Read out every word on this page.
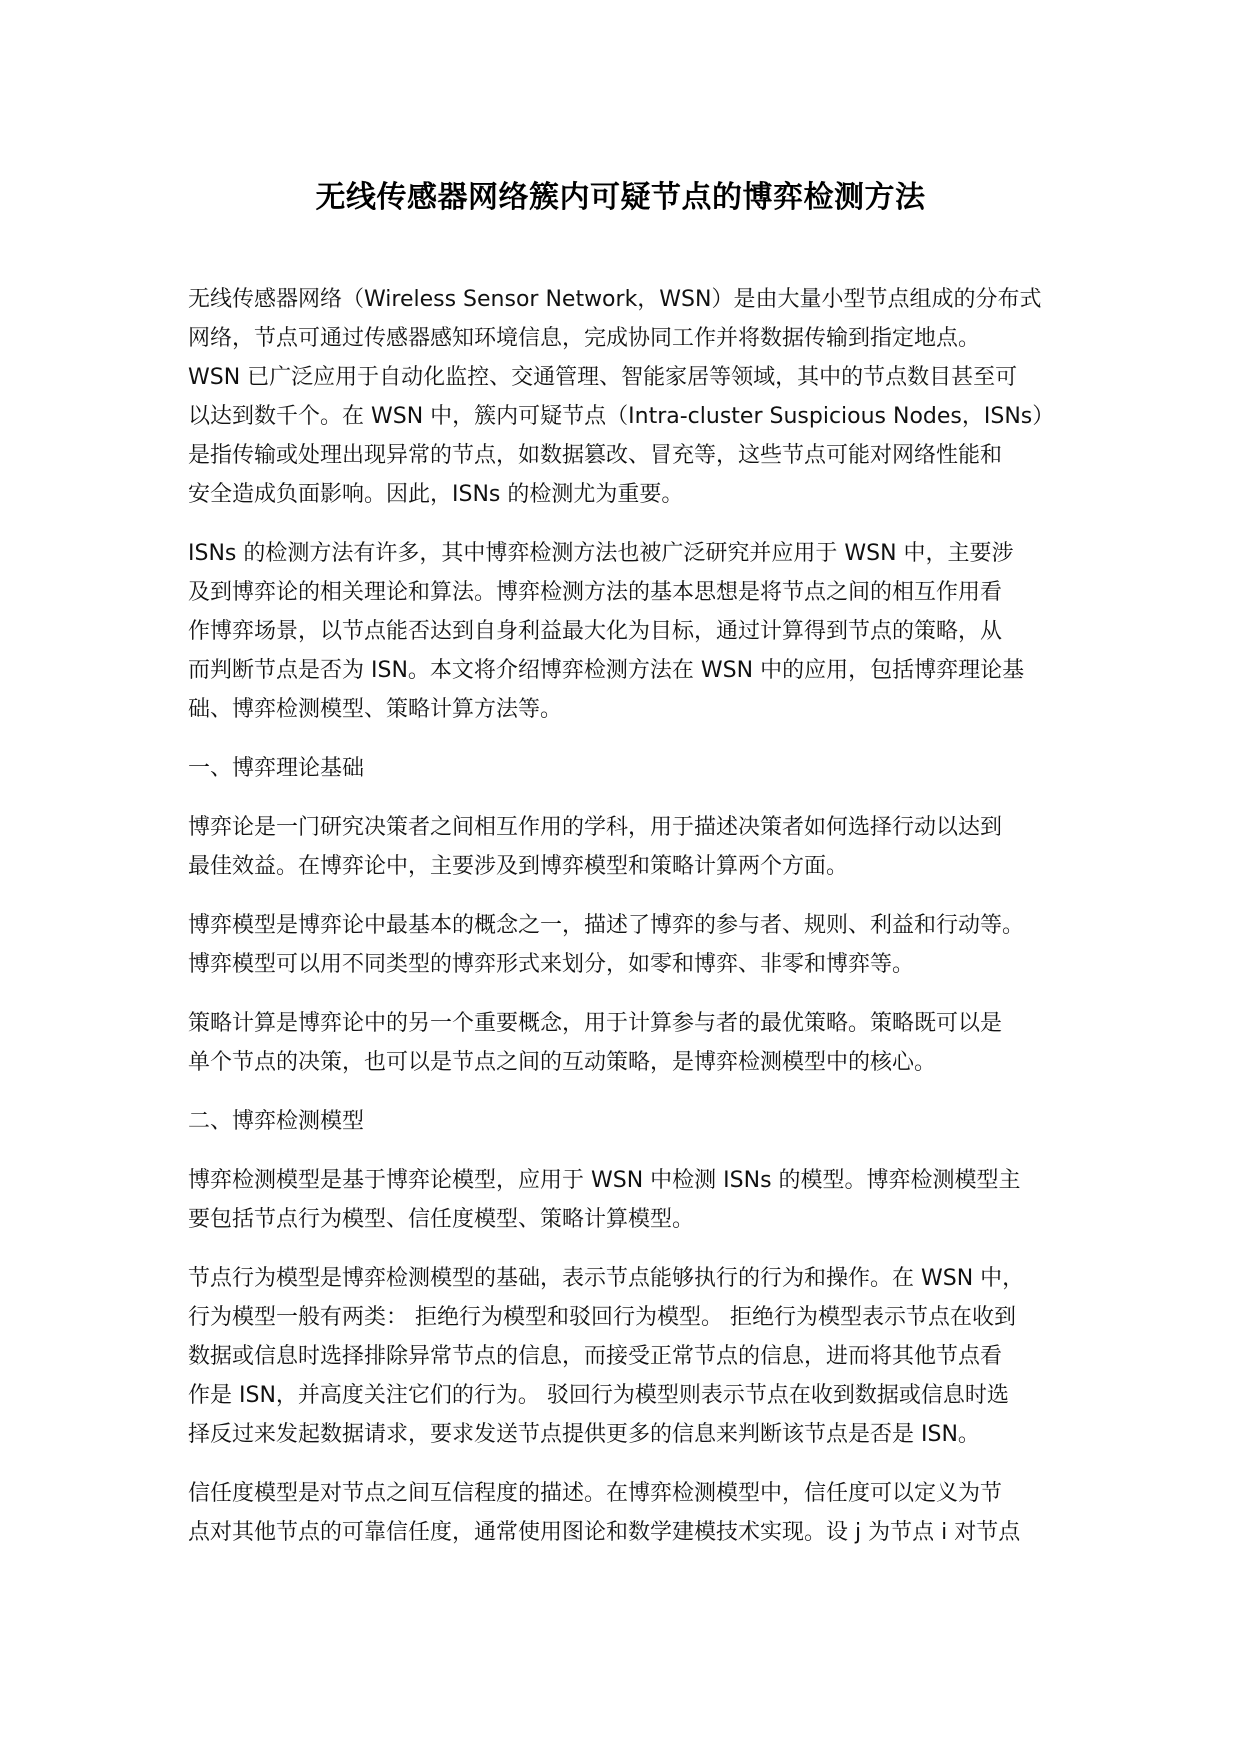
无线传感器网络簇内可疑节点的博弈检测方法
无线传感器网络（Wireless Sensor Network，WSN）是由大量小型节点组成的分布式
网络，节点可通过传感器感知环境信息，完成协同工作并将数据传输到指定地点。
WSN 已广泛应用于自动化监控、交通管理、智能家居等领域，其中的节点数目甚至可
以达到数千个。在 WSN 中，簇内可疑节点（Intra-cluster Suspicious Nodes，ISNs）
是指传输或处理出现异常的节点，如数据篡改、冒充等，这些节点可能对网络性能和
安全造成负面影响。因此，ISNs 的检测尤为重要。
ISNs 的检测方法有许多，其中博弈检测方法也被广泛研究并应用于 WSN 中，主要涉
及到博弈论的相关理论和算法。博弈检测方法的基本思想是将节点之间的相互作用看
作博弈场景，以节点能否达到自身利益最大化为目标，通过计算得到节点的策略，从
而判断节点是否为 ISN。本文将介绍博弈检测方法在 WSN 中的应用，包括博弈理论基
础、博弈检测模型、策略计算方法等。
一、博弈理论基础
博弈论是一门研究决策者之间相互作用的学科，用于描述决策者如何选择行动以达到
最佳效益。在博弈论中，主要涉及到博弈模型和策略计算两个方面。
博弈模型是博弈论中最基本的概念之一，描述了博弈的参与者、规则、利益和行动等。
博弈模型可以用不同类型的博弈形式来划分，如零和博弈、非零和博弈等。
策略计算是博弈论中的另一个重要概念，用于计算参与者的最优策略。策略既可以是
单个节点的决策，也可以是节点之间的互动策略，是博弈检测模型中的核心。
二、博弈检测模型
博弈检测模型是基于博弈论模型，应用于 WSN 中检测 ISNs 的模型。博弈检测模型主
要包括节点行为模型、信任度模型、策略计算模型。
节点行为模型是博弈检测模型的基础，表示节点能够执行的行为和操作。在 WSN 中，
行为模型一般有两类： 拒绝行为模型和驳回行为模型。 拒绝行为模型表示节点在收到
数据或信息时选择排除异常节点的信息，而接受正常节点的信息，进而将其他节点看
作是 ISN，并高度关注它们的行为。 驳回行为模型则表示节点在收到数据或信息时选
择反过来发起数据请求，要求发送节点提供更多的信息来判断该节点是否是 ISN。
信任度模型是对节点之间互信程度的描述。在博弈检测模型中，信任度可以定义为节
点对其他节点的可靠信任度，通常使用图论和数学建模技术实现。设 j 为节点 i 对节点
